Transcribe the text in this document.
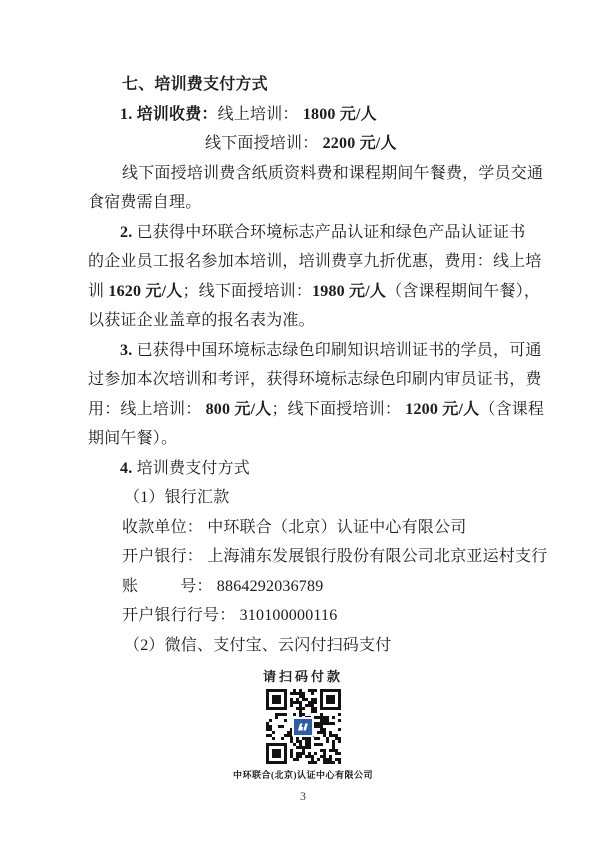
七、培训费支付方式
1. 培训收费：线上培训： 1800 元/人
线下面授培训： 2200 元/人
线下面授培训费含纸质资料费和课程期间午餐费，学员交通
食宿费需自理。
2. 已获得中环联合环境标志产品认证和绿色产品认证证书
的企业员工报名参加本培训，培训费享九折优惠，费用：线上培
训 1620 元/人；线下面授培训：1980 元/人（含课程期间午餐），
以获证企业盖章的报名表为准。
3. 已获得中国环境标志绿色印刷知识培训证书的学员，可通
过参加本次培训和考评，获得环境标志绿色印刷内审员证书，费
用：线上培训： 800 元/人；线下面授培训： 1200 元/人（含课程
期间午餐）。
4. 培训费支付方式
（1）银行汇款
收款单位： 中环联合（北京）认证中心有限公司
开户银行： 上海浦东发展银行股份有限公司北京亚运村支行
账          号： 8864292036789
开户银行行号： 310100000116
（2）微信、支付宝、云闪付扫码支付
请扫码付款
中环联合(北京)认证中心有限公司
3
